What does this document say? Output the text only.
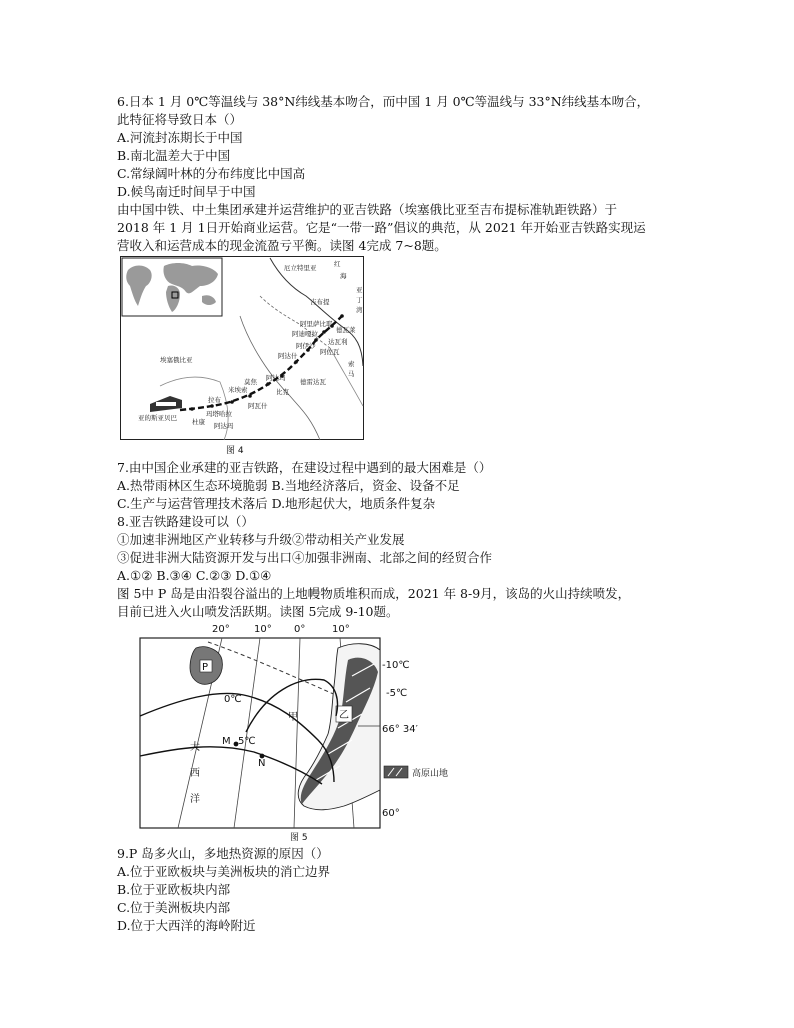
6.日本 1 月 0℃等温线与 38°N纬线基本吻合，而中国 1 月 0℃等温线与 33°N纬线基本吻合，
此特征将导致日本（）
A.河流封冻期长于中国
B.南北温差大于中国
C.常绿阔叶林的分布纬度比中国高
D.候鸟南迁时间早于中国
由中国中铁、中土集团承建并运营维护的亚吉铁路（埃塞俄比亚至吉布提标准轨距铁路）于
2018 年 1 月 1日开始商业运营。它是“一带一路”倡议的典范，从 2021 年开始亚吉铁路实现运
营收入和运营成本的现金流盈亏平衡。读图 4完成 7~8题。
厄立特里亚	红
海
亚
丁
湾
吉布提
德瓦莱
阿里萨比耶
达瓦利
阿迪嘎拉
阿伊沙
阿佐瓦
阿达什
索
马
埃塞俄比亚
阿达玛 德雷达瓦
比克
米埃索
莫焦
拉布
玛塔哈拉
阿瓦什
亚的斯亚贝巴 杜康 阿达玛
图 4
7.由中国企业承建的亚吉铁路，在建设过程中遇到的最大困难是（）
A.热带雨林区生态环境脆弱 B.当地经济落后，资金、设备不足
C.生产与运营管理技术落后 D.地形起伏大，地质条件复杂
8.亚吉铁路建设可以（）
①加速非洲地区产业转移与升级②带动相关产业发展
③促进非洲大陆资源开发与出口④加强非洲南、北部之间的经贸合作
A.①② B.③④ C.②③ D.①④
图 5中 P 岛是由沿裂谷溢出的上地幔物质堆积而成，2021 年 8-9月，该岛的火山持续喷发，
目前已进入火山喷发活跃期。读图 5完成 9-10题。
20° 10° 0°	10°
P
乙
-10℃
-5℃
0℃
5℃
66° 34′
60°
M
N
甲
大
西
洋
高原山地
图 5
9.P 岛多火山，多地热资源的原因（）
A.位于亚欧板块与美洲板块的消亡边界
B.位于亚欧板块内部
C.位于美洲板块内部
D.位于大西洋的海岭附近
